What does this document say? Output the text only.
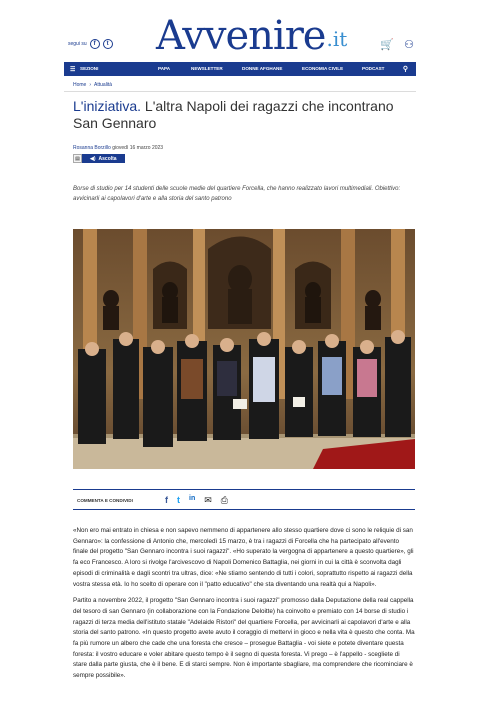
segui su	f	t Avvenire .it	🛒 ⚇
☰ SEZIONI	PAPA	NEWSLETTER	DONNE AFGHANE	ECONOMIA CIVILE	PODCAST	⚲
Home › Attualità
L'iniziativa. L'altra Napoli dei ragazzi che incontrano San Gennaro
Rosanna Borzillo giovedì 16 marzo 2023
▤	◀) Ascolta

Borse di studio per 14 studenti delle scuole medie del quartiere Forcella, che hanno realizzato lavori multimediali. Obiettivo: avvicinarli ai capolavori d'arte e alla storia del santo patrono

COMMENTA E CONDIVIDI	f t in ✉ ⎙

«Non ero mai entrato in chiesa e non sapevo nemmeno di appartenere allo stesso quartiere dove ci sono le reliquie di san Gennaro»: la confessione di Antonio che, mercoledì 15 marzo, è tra i ragazzi di Forcella che ha partecipato all'evento finale del progetto "San Gennaro incontra i suoi ragazzi". «Ho superato la vergogna di appartenere a questo quartiere», gli fa eco Francesco. A loro si rivolge l'arcivescovo di Napoli Domenico Battaglia, nei giorni in cui la città è sconvolta dagli episodi di criminalità e dagli scontri tra ultras, dice: «Ne stiamo sentendo di tutti i colori, soprattutto rispetto ai ragazzi della vostra stessa età. Io ho scelto di operare con il "patto educativo" che sta diventando una realtà qui a Napoli».

Partito a novembre 2022, il progetto "San Gennaro incontra i suoi ragazzi" promosso dalla Deputazione della real cappella del tesoro di san Gennaro (in collaborazione con la Fondazione Deloitte) ha coinvolto e premiato con 14 borse di studio i ragazzi di terza media dell'istituto statale "Adelaide Ristori" del quartiere Forcella, per avvicinarli ai capolavori d'arte e alla storia del santo patrono. «In questo progetto avete avuto il coraggio di mettervi in gioco e nella vita è questo che conta. Ma fa più rumore un albero che cade che una foresta che cresce – prosegue Battaglia - voi siete e potete diventare questa foresta: il vostro educare e voler abitare questo tempo è il segno di questa foresta. Vi prego – è l'appello - scegliete di stare dalla parte giusta, che è il bene. E di starci sempre. Non è importante sbagliare, ma comprendere che ricominciare è sempre possibile».
